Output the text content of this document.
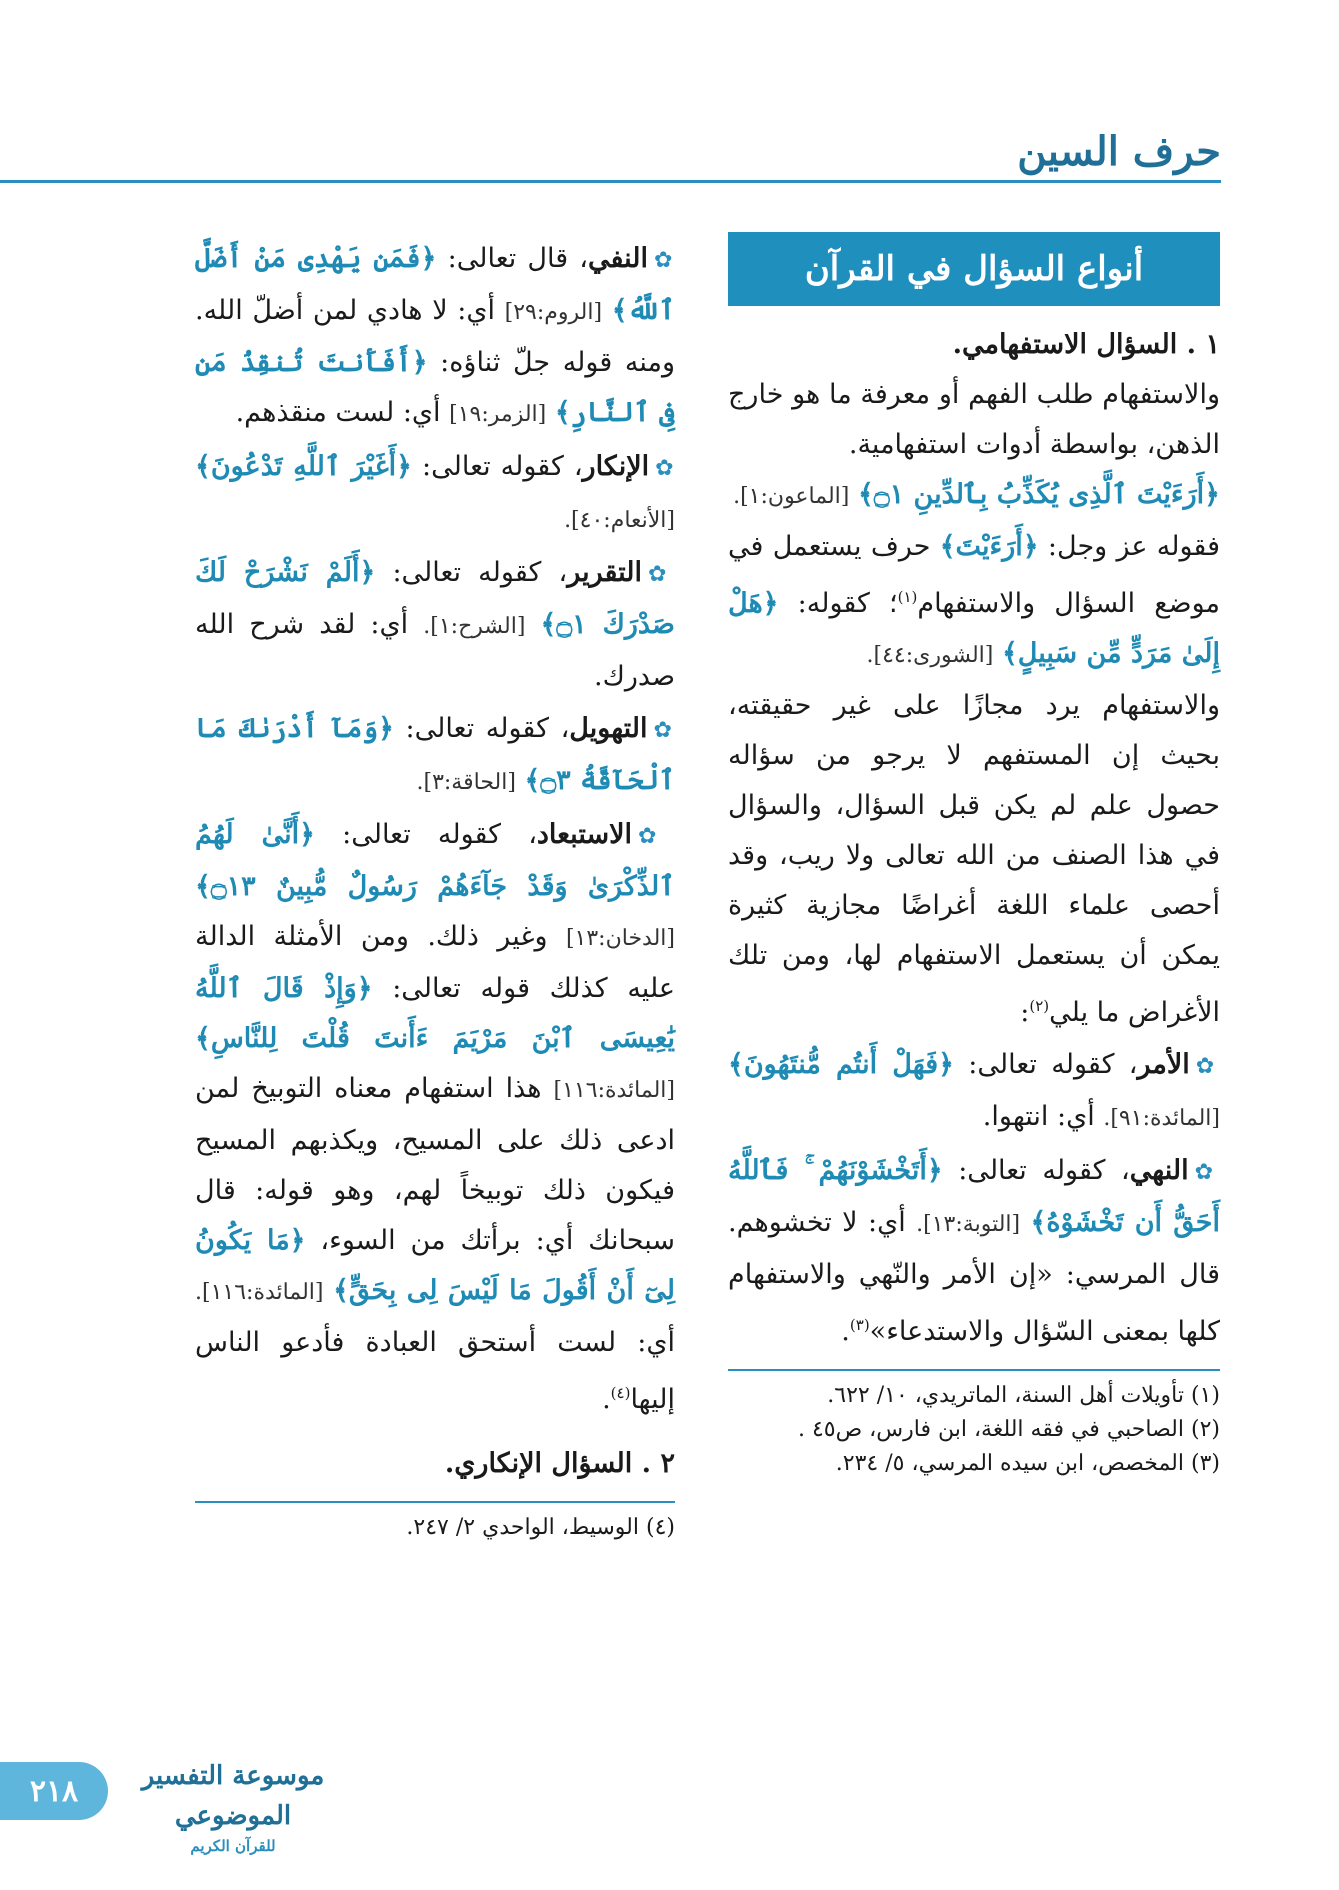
حرف السين
أنواع السؤال في القرآن

١ . السؤال الاستفهامي.

والاستفهام طلب الفهم أو معرفة ما هو خارج الذهن، بواسطة أدوات استفهامية.

﴿أَرَءَيْتَ ٱلَّذِى يُكَذِّبُ بِٱلدِّينِ ۝١﴾ [الماعون:١].

فقوله عز وجل: ﴿أَرَءَيْتَ﴾ حرف يستعمل في موضع السؤال والاستفهام$^{(١)}$؛ كقوله: ﴿هَلْ إِلَىٰ مَرَدٍّ مِّن سَبِيلٍ﴾ [الشورى:٤٤].

والاستفهام يرد مجازًا على غير حقيقته، بحيث إن المستفهم لا يرجو من سؤاله حصول علم لم يكن قبل السؤال، والسؤال في هذا الصنف من الله تعالى ولا ريب، وقد أحصى علماء اللغة أغراضًا مجازية كثيرة يمكن أن يستعمل الاستفهام لها، ومن تلك الأغراض ما يلي$^{(٢)}$:

✿الأمر، كقوله تعالى: ﴿فَهَلْ أَنتُم مُّنتَهُونَ﴾ [المائدة:٩١]. أي: انتهوا.

✿النهي، كقوله تعالى: ﴿أَتَخْشَوْنَهُمْ ۚ فَٱللَّهُ أَحَقُّ أَن تَخْشَوْهُ﴾ [التوبة:١٣]. أي: لا تخشوهم. قال المرسي: «إن الأمر والنّهي والاستفهام كلها بمعنى السّؤال والاستدعاء»$^{(٣)}$.

(١) تأويلات أهل السنة، الماتريدي، ١٠/ ٦٢٢.

(٢) الصاحبي في فقه اللغة، ابن فارس، ص٤٥ .

(٣) المخصص، ابن سيده المرسي، ٥/ ٢٣٤.

✿النفي، قال تعالى: ﴿فَمَن يَهْدِى مَنْ أَضَلَّ ٱللَّهُ﴾ [الروم:٢٩] أي: لا هادي لمن أضلّ الله. ومنه قوله جلّ ثناؤه: ﴿أَفَأَنتَ تُنقِذُ مَن فِى ٱلنَّارِ﴾ [الزمر:١٩] أي: لست منقذهم.

✿الإنكار، كقوله تعالى: ﴿أَغَيْرَ ٱللَّهِ تَدْعُونَ﴾ [الأنعام:٤٠].

✿التقرير، كقوله تعالى: ﴿أَلَمْ نَشْرَحْ لَكَ صَدْرَكَ ۝١﴾ [الشرح:١]. أي: لقد شرح الله صدرك.

✿التهويل، كقوله تعالى: ﴿وَمَآ أَدْرَىٰكَ مَا ٱلْحَآقَّةُ ۝٣﴾ [الحاقة:٣].

✿الاستبعاد، كقوله تعالى: ﴿أَنَّىٰ لَهُمُ ٱلذِّكْرَىٰ وَقَدْ جَآءَهُمْ رَسُولٌ مُّبِينٌ ۝١٣﴾ [الدخان:١٣] وغير ذلك. ومن الأمثلة الدالة عليه كذلك قوله تعالى: ﴿وَإِذْ قَالَ ٱللَّهُ يَٰعِيسَى ٱبْنَ مَرْيَمَ ءَأَنتَ قُلْتَ لِلنَّاسِ﴾ [المائدة:١١٦] هذا استفهام معناه التوبيخ لمن ادعى ذلك على المسيح، ويكذبهم المسيح فيكون ذلك توبيخاً لهم، وهو قوله: قال سبحانك أي: برأتك من السوء، ﴿مَا يَكُونُ لِىٓ أَنْ أَقُولَ مَا لَيْسَ لِى بِحَقٍّ﴾ [المائدة:١١٦]. أي: لست أستحق العبادة فأدعو الناس إليها$^{(٤)}$.

٢ . السؤال الإنكاري.

(٤) الوسيط، الواحدي ٢/ ٢٤٧.

٢١٨	موسوعة التفسير الموضوعي
للقرآن الكريم
